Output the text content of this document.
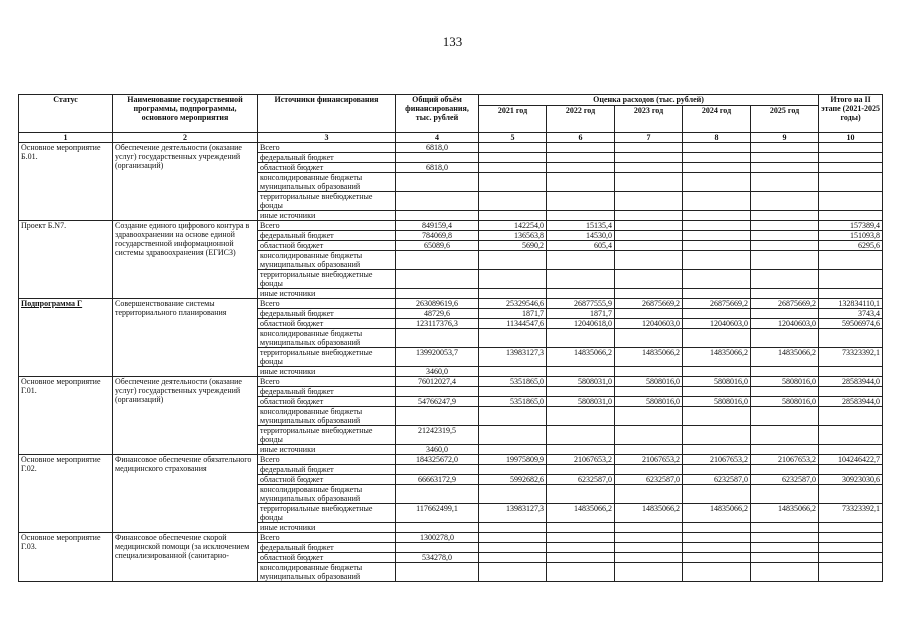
133
Статус	Наименование государственной программы, подпрограммы, основного мероприятия	Источники финансирования	Общий объём финансирования, тыс. рублей	Оценка расходов (тыс. рублей)					Итого на II этапе (2021-2025 годы)
				2021 год	2022 год	2023 год	2024 год	2025 год	
1	2	3	4	5	6	7	8	9	10
Основное мероприятие Б.01.	Обеспечение деятельности (оказание услуг) государственных учреждений (организаций)	Всего	6818,0						
		федеральный бюджет							
		областной бюджет	6818,0						
		консолидированные бюджеты муниципальных образований							
		территориальные внебюджетные фонды							
		иные источники							
Проект Б.N7.	Создание единого цифрового контура в здравоохранении на основе единой государственной информационной системы здравоохранения (ЕГИСЗ)	Всего	849159,4	142254,0	15135,4				157389,4
		федеральный бюджет	784069,8	136563,8	14530,0				151093,8
		областной бюджет	65089,6	5690,2	605,4				6295,6
		консолидированные бюджеты муниципальных образований							
		территориальные внебюджетные фонды							
		иные источники							
Подпрограмма Г	Совершенствование системы территориального планирования	Всего	263089619,6	25329546,6	26877555,9	26875669,2	26875669,2	26875669,2	132834110,1
		федеральный бюджет	48729,6	1871,7	1871,7				3743,4
		областной бюджет	123117376,3	11344547,6	12040618,0	12040603,0	12040603,0	12040603,0	59506974,6
		консолидированные бюджеты муниципальных образований							
		территориальные внебюджетные фонды	139920053,7	13983127,3	14835066,2	14835066,2	14835066,2	14835066,2	73323392,1
		иные источники	3460,0						
Основное мероприятие Г.01.	Обеспечение деятельности (оказание услуг) государственных учреждений (организаций)	Всего	76012027,4	5351865,0	5808031,0	5808016,0	5808016,0	5808016,0	28583944,0
		федеральный бюджет							
		областной бюджет	54766247,9	5351865,0	5808031,0	5808016,0	5808016,0	5808016,0	28583944,0
		консолидированные бюджеты муниципальных образований							
		территориальные внебюджетные фонды	21242319,5						
		иные источники	3460,0						
Основное мероприятие Г.02.	Финансовое обеспечение обязательного медицинского страхования	Всего	184325672,0	19975809,9	21067653,2	21067653,2	21067653,2	21067653,2	104246422,7
		федеральный бюджет							
		областной бюджет	66663172,9	5992682,6	6232587,0	6232587,0	6232587,0	6232587,0	30923030,6
		консолидированные бюджеты муниципальных образований							
		территориальные внебюджетные фонды	117662499,1	13983127,3	14835066,2	14835066,2	14835066,2	14835066,2	73323392,1
		иные источники							
Основное мероприятие Г.03.	Финансовое обеспечение скорой медицинской помощи (за исключением специализированной (санитарно-	Всего	1300278,0						
		федеральный бюджет							
		областной бюджет	534278,0						
		консолидированные бюджеты муниципальных образований							
